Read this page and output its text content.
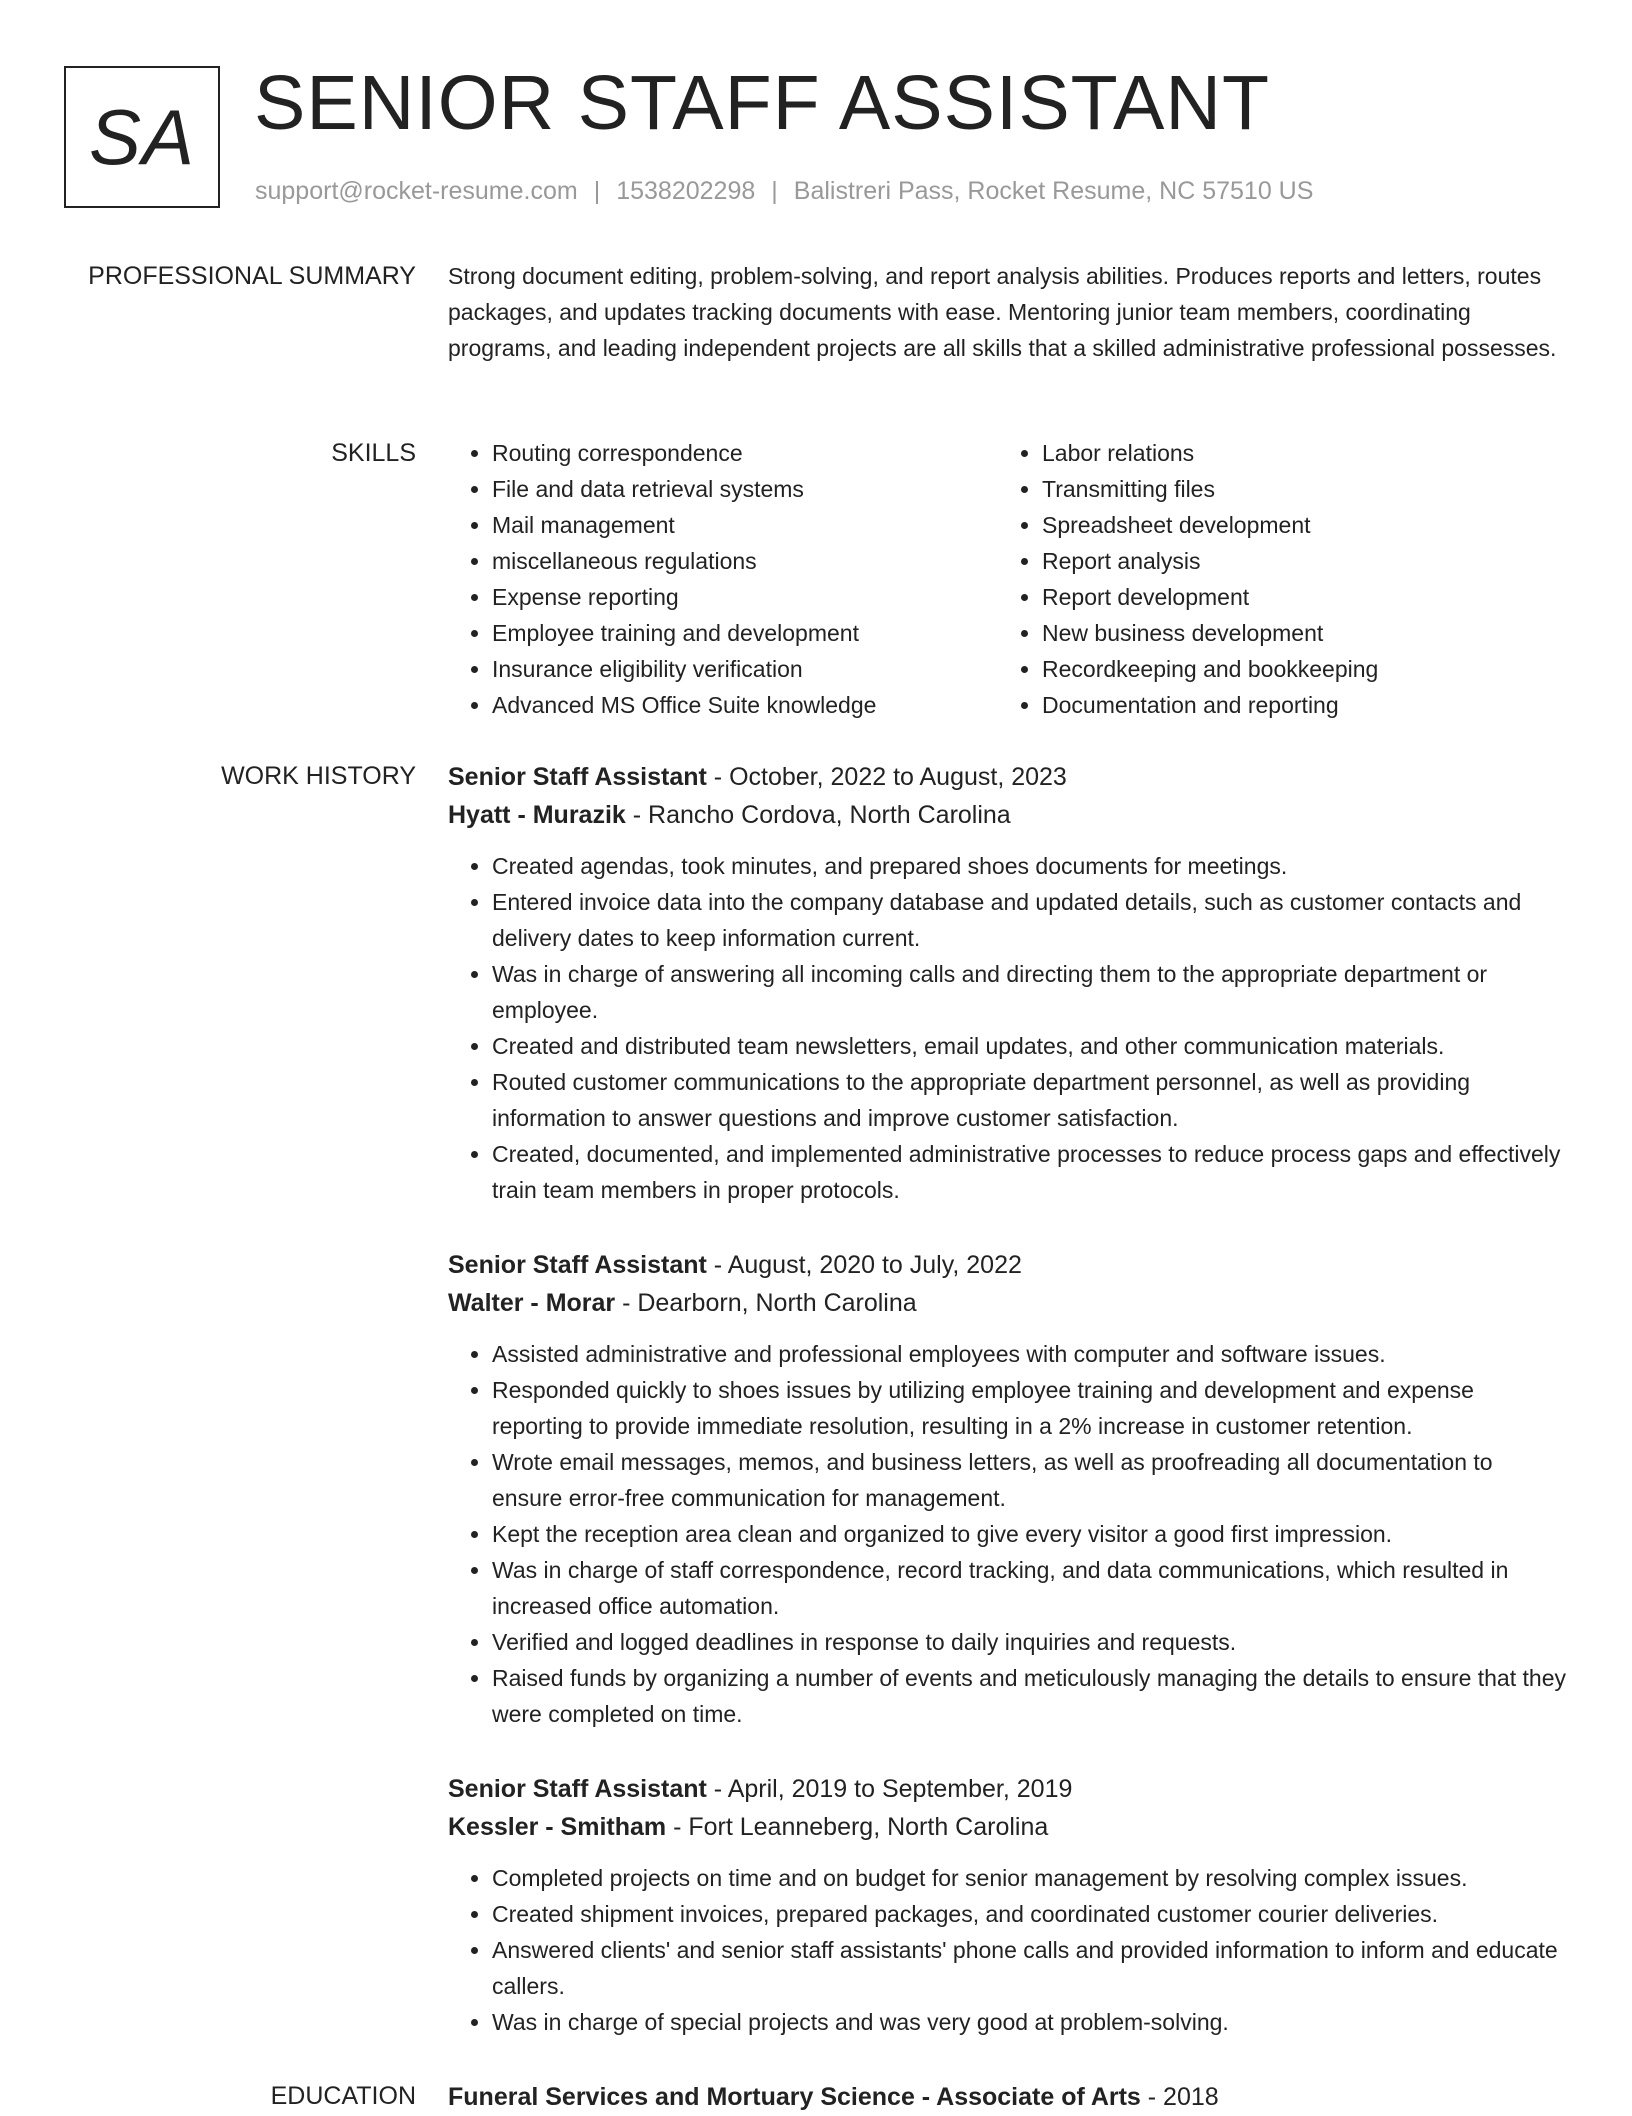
SA SENIOR STAFF ASSISTANT
support@rocket-resume.com | 1538202298 | Balistreri Pass, Rocket Resume, NC 57510 US
PROFESSIONAL SUMMARY Strong document editing, problem-solving, and report analysis abilities. Produces reports and letters, routes packages, and updates tracking documents with ease. Mentoring junior team members, coordinating programs, and leading independent projects are all skills that a skilled administrative professional possesses.

SKILLS
•	Routing correspondence
• File and data retrieval systems
• Mail management
• miscellaneous regulations
• Expense reporting
• Employee training and development
• Insurance eligibility verification
• Advanced MS Office Suite knowledge
• Labor relations
• Transmitting files
• Spreadsheet development
• Report analysis
• Report development
• New business development
• Recordkeeping and bookkeeping
• Documentation and reporting
WORK HISTORY Senior Staff Assistant - October, 2022 to August, 2023
Hyatt - Murazik - Rancho Cordova, North Carolina
• Created agendas, took minutes, and prepared shoes documents for meetings.
• Entered invoice data into the company database and updated details, such as customer contacts and delivery dates to keep information current.
• Was in charge of answering all incoming calls and directing them to the appropriate department or employee.
• Created and distributed team newsletters, email updates, and other communication materials.
• Routed customer communications to the appropriate department personnel, as well as providing information to answer questions and improve customer satisfaction.
• Created, documented, and implemented administrative processes to reduce process gaps and effectively train team members in proper protocols.
Senior Staff Assistant - August, 2020 to July, 2022
Walter - Morar - Dearborn, North Carolina
• Assisted administrative and professional employees with computer and software issues.
• Responded quickly to shoes issues by utilizing employee training and development and expense reporting to provide immediate resolution, resulting in a 2% increase in customer retention.
• Wrote email messages, memos, and business letters, as well as proofreading all documentation to ensure error-free communication for management.
• Kept the reception area clean and organized to give every visitor a good first impression.
• Was in charge of staff correspondence, record tracking, and data communications, which resulted in increased office automation.
• Verified and logged deadlines in response to daily inquiries and requests.
• Raised funds by organizing a number of events and meticulously managing the details to ensure that they were completed on time.
Senior Staff Assistant - April, 2019 to September, 2019
Kessler - Smitham - Fort Leanneberg, North Carolina
• Completed projects on time and on budget for senior management by resolving complex issues.
• Created shipment invoices, prepared packages, and coordinated customer courier deliveries.
• Answered clients' and senior staff assistants' phone calls and provided information to inform and educate callers.
• Was in charge of special projects and was very good at problem-solving.
EDUCATION Funeral Services and Mortuary Science - Associate of Arts - 2018
